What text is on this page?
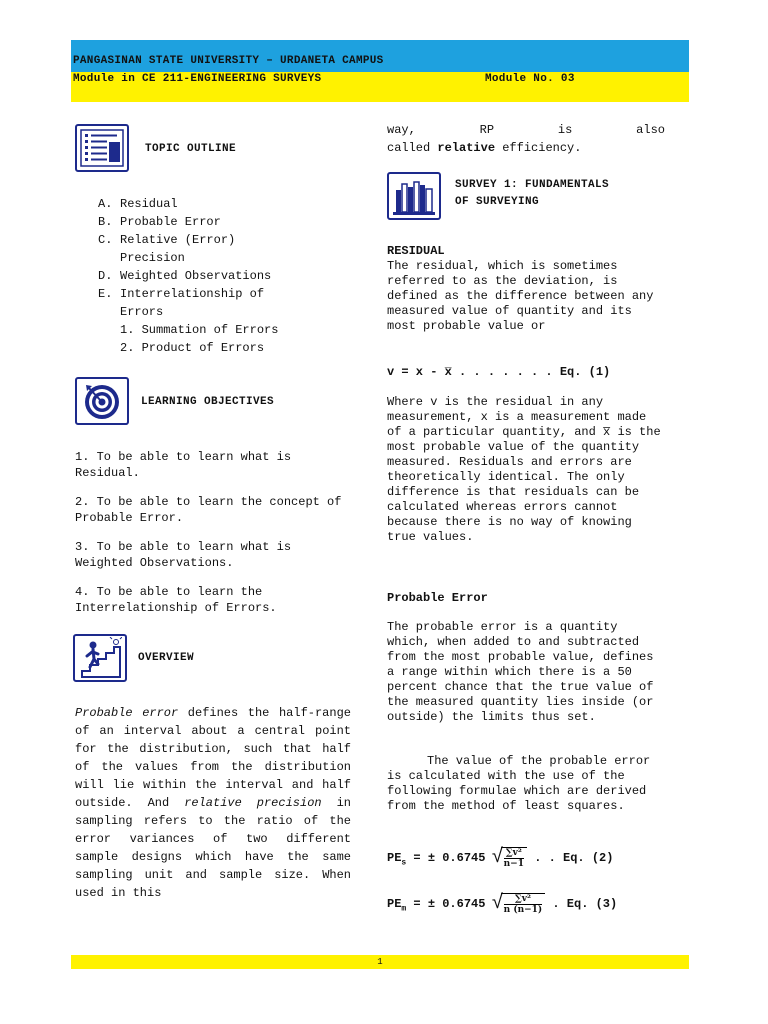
PANGASINAN STATE UNIVERSITY – URDANETA CAMPUS
Module in CE 211-ENGINEERING SURVEYS	Module No. 03
TOPIC OUTLINE
A. Residual
B. Probable Error
C. Relative (Error)
Precision
D. Weighted Observations
E. Interrelationship of
Errors
1. Summation of Errors
2. Product of Errors
LEARNING OBJECTIVES
1. To be able to learn what is Residual.
2. To be able to learn the concept of Probable Error.
3. To be able to learn what is Weighted Observations.
4. To be able to learn the Interrelationship of Errors.
OVERVIEW
Probable error defines the half-range of an interval about a central point for the distribution, such that half of the values from the distribution will lie within the interval and half outside. And relative precision in sampling refers to the ratio of the error variances of two different sample designs which have the same sampling unit and sample size. When used in this
way, RP is also
called relative efficiency.
SURVEY 1: FUNDAMENTALS
OF SURVEYING
RESIDUAL
The residual, which is sometimes referred to as the deviation, is defined as the difference between any measured value of quantity and its most probable value or
v = x - x̅ . . . . . . . Eq. (1)
Where v is the residual in any measurement, x is a measurement made of a particular quantity, and x̅ is the most probable value of the quantity measured. Residuals and errors are theoretically identical. The only difference is that residuals can be calculated whereas errors cannot because there is no way of knowing true values.
Probable Error
The probable error is a quantity which, when added to and subtracted from the most probable value, defines a range within which there is a 50 percent chance that the true value of the measured quantity lies inside (or outside) the limits thus set.
The value of the probable error is calculated with the use of the following formulae which are derived from the method of least squares.
$PE_s$ = ± 0.6745 √ $\frac{\text{∑v²}}{n-1}$ . . Eq. (2)
$PE_m$ = ± 0.6745 √ $\frac{\text{∑v²}}{n (n-1)}$ . Eq. (3)
1
